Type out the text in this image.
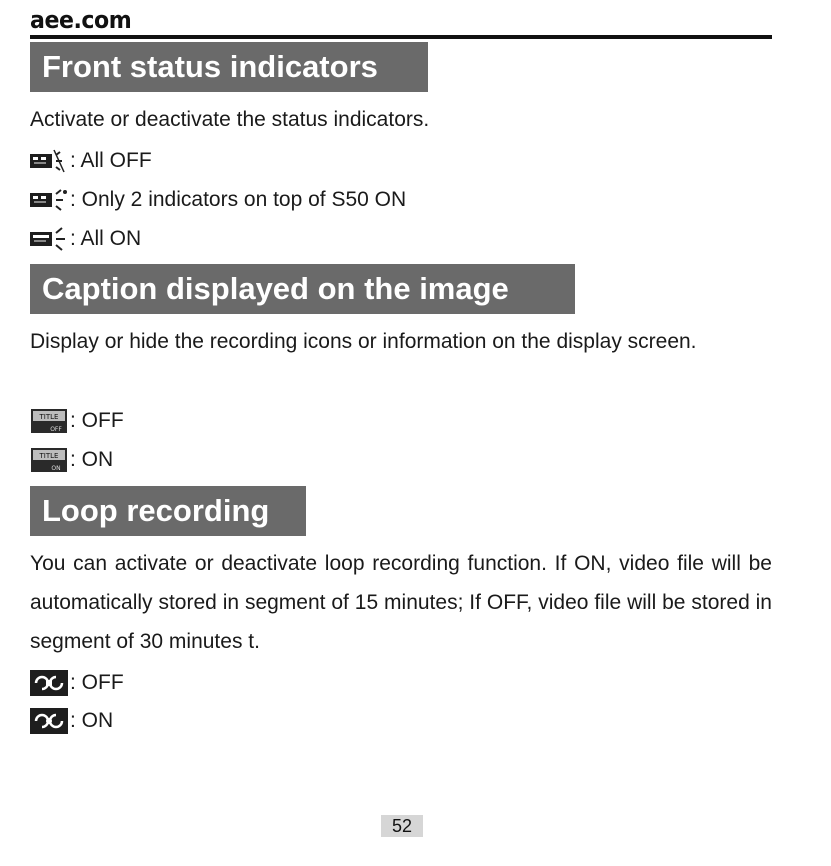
aee.com
Front status indicators

Activate or deactivate the status indicators.

: All OFF
: Only 2 indicators on top of S50 ON
: All ON
Caption displayed on the image

Display or hide the recording icons or information on the display screen.

TITLE
OFF : OFF
TITLE
ON : ON
Loop recording

You can activate or deactivate loop recording function. If ON, video file will be automatically stored in segment of 15 minutes; If OFF, video file will be stored in segment of 30 minutes t.

: OFF
: ON
52
